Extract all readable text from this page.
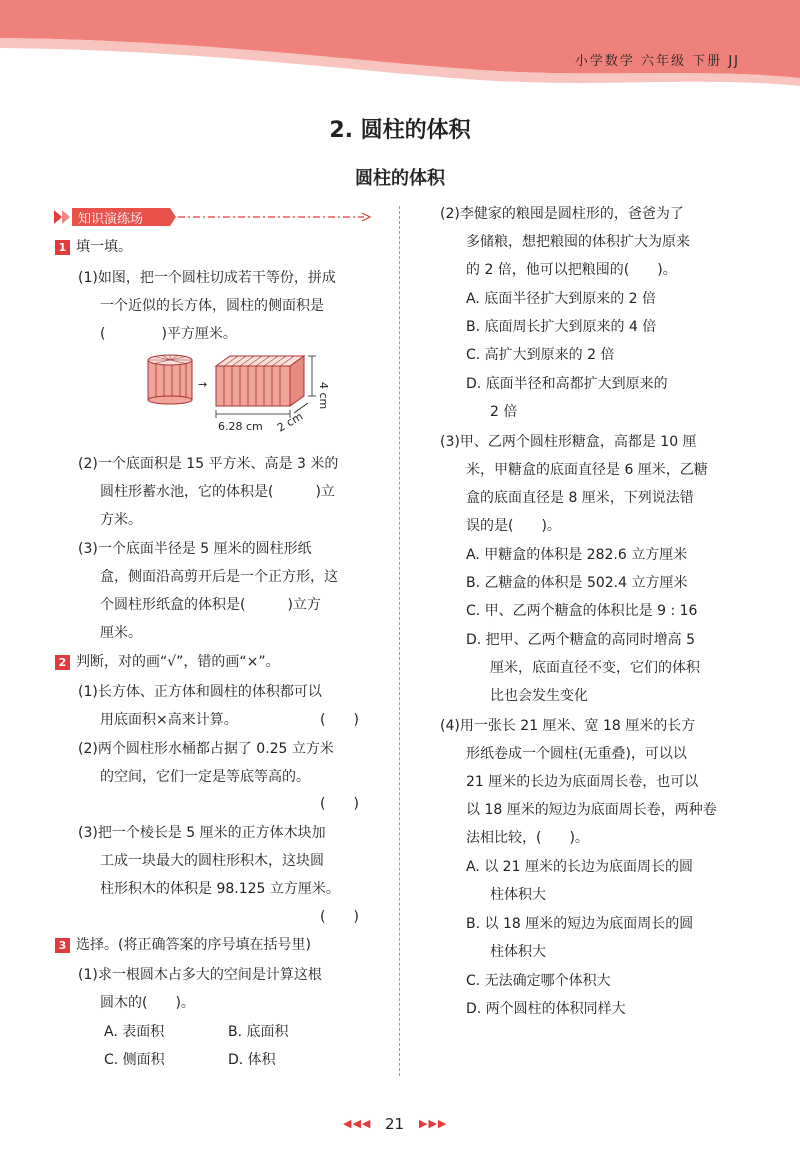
小学数学 六年级 下册 JJ
2. 圆柱的体积
圆柱的体积
知识演练场
1 填一填。
(1)如图，把一个圆柱切成若干等份，拼成
一个近似的长方体，圆柱的侧面积是
(　　　　)平方厘米。
→
6.28 cm 2 cm
4 cm
(2)一个底面积是 15 平方米、高是 3 米的
圆柱形蓄水池，它的体积是(　　　)立
方米。
(3)一个底面半径是 5 厘米的圆柱形纸
盒，侧面沿高剪开后是一个正方形，这
个圆柱形纸盒的体积是(　　　)立方
厘米。
2 判断，对的画“√”，错的画“×”。
(1)长方体、正方体和圆柱的体积都可以
用底面积×高来计算。	(　　)
(2)两个圆柱形水桶都占据了 0.25 立方米
的空间，它们一定是等底等高的。
(　　)
(3)把一个棱长是 5 厘米的正方体木块加
工成一块最大的圆柱形积木，这块圆
柱形积木的体积是 98.125 立方厘米。
(　　)
3 选择。(将正确答案的序号填在括号里)
(1)求一根圆木占多大的空间是计算这根
圆木的(　　)。
A. 表面积	B. 底面积
C. 侧面积	D. 体积
(2)李健家的粮囤是圆柱形的，爸爸为了
多储粮，想把粮囤的体积扩大为原来
的 2 倍，他可以把粮囤的(　　)。
A. 底面半径扩大到原来的 2 倍
B. 底面周长扩大到原来的 4 倍
C. 高扩大到原来的 2 倍
D. 底面半径和高都扩大到原来的
2 倍
(3)甲、乙两个圆柱形糖盒，高都是 10 厘
米，甲糖盒的底面直径是 6 厘米，乙糖
盒的底面直径是 8 厘米，下列说法错
误的是(　　)。
A. 甲糖盒的体积是 282.6 立方厘米
B. 乙糖盒的体积是 502.4 立方厘米
C. 甲、乙两个糖盒的体积比是 9 : 16
D. 把甲、乙两个糖盒的高同时增高 5
厘米，底面直径不变，它们的体积
比也会发生变化
(4)用一张长 21 厘米、宽 18 厘米的长方
形纸卷成一个圆柱(无重叠)，可以以
21 厘米的长边为底面周长卷，也可以
以 18 厘米的短边为底面周长卷，两种卷
法相比较，(　　)。
A. 以 21 厘米的长边为底面周长的圆
柱体积大
B. 以 18 厘米的短边为底面周长的圆
柱体积大
C. 无法确定哪个体积大
D. 两个圆柱的体积同样大
◀◀◀ 21 ▶▶▶
